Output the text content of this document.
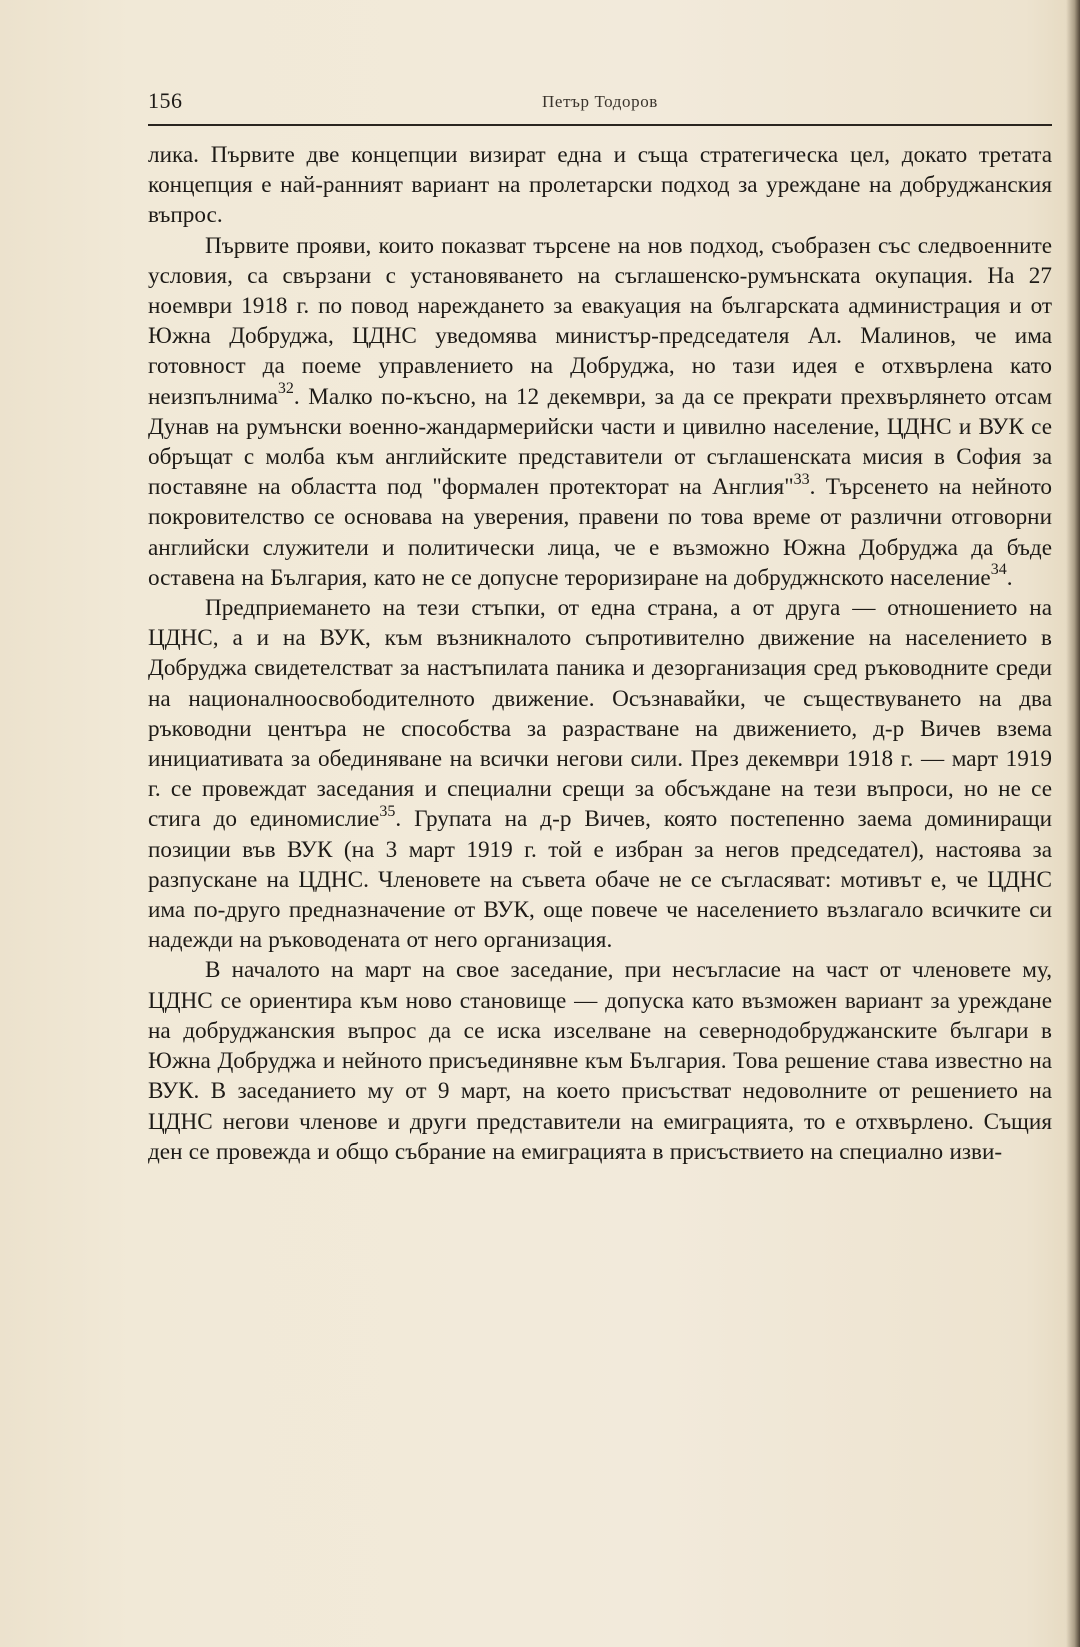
156	Петър Тодоров

лика. Първите две концепции визират една и съща стратегическа цел, докато третата концепция е най-ранният вариант на пролетарски подход за уреждане на добруджанския въпрос.

Първите прояви, които показват търсене на нов подход, съобразен със следвоенните условия, са свързани с установяването на съглашенско-румънската окупация. На 27 ноември 1918 г. по повод нареждането за евакуация на българската администрация и от Южна Добруджа, ЦДНС уведомява министър-председателя Ал. Малинов, че има готовност да поеме управлението на Добруджа, но тази идея е отхвърлена като неизпълнима$^{32}$. Малко по-късно, на 12 декември, за да се прекрати прехвърлянето отсам Дунав на румънски военно-жандармерийски части и цивилно население, ЦДНС и ВУК се обръщат с молба към английските представители от съглашенската мисия в София за поставяне на областта под "формален протекторат на Англия"$^{33}$. Търсенето на нейното покровителство се основава на уверения, правени по това време от различни отговорни английски служители и политически лица, че е възможно Южна Добруджа да бъде оставена на България, като не се допусне тероризиране на добруджнското население$^{34}$.

Предприемането на тези стъпки, от една страна, а от друга — отношението на ЦДНС, а и на ВУК, към възникналото съпротивително движение на населението в Добруджа свидетелстват за настъпилата паника и дезорганизация сред ръководните среди на националноосвободителното движение. Осъзнавайки, че съществуването на два ръководни центъра не способства за разрастване на движението, д-р Вичев взема инициативата за обединяване на всички негови сили. През декември 1918 г. — март 1919 г. се провеждат заседания и специални срещи за обсъждане на тези въпроси, но не се стига до единомислие$^{35}$. Групата на д-р Вичев, която постепенно заема доминиращи позиции във ВУК (на 3 март 1919 г. той е избран за негов председател), настоява за разпускане на ЦДНС. Членовете на съвета обаче не се съгласяват: мотивът е, че ЦДНС има по-друго предназначение от ВУК, още повече че населението възлагало всичките си надежди на ръководената от него организация.

В началото на март на свое заседание, при несъгласие на част от членовете му, ЦДНС се ориентира към ново становище — допуска като възможен вариант за уреждане на добруджанския въпрос да се иска изселване на севернодобруджанските българи в Южна Добруджа и нейното присъединявне към България. Това решение става известно на ВУК. В заседанието му от 9 март, на което присъстват недоволните от решението на ЦДНС негови членове и други представители на емиграцията, то е отхвърлено. Същия ден се провежда и общо събрание на емиграцията в присъствието на специално изви-
